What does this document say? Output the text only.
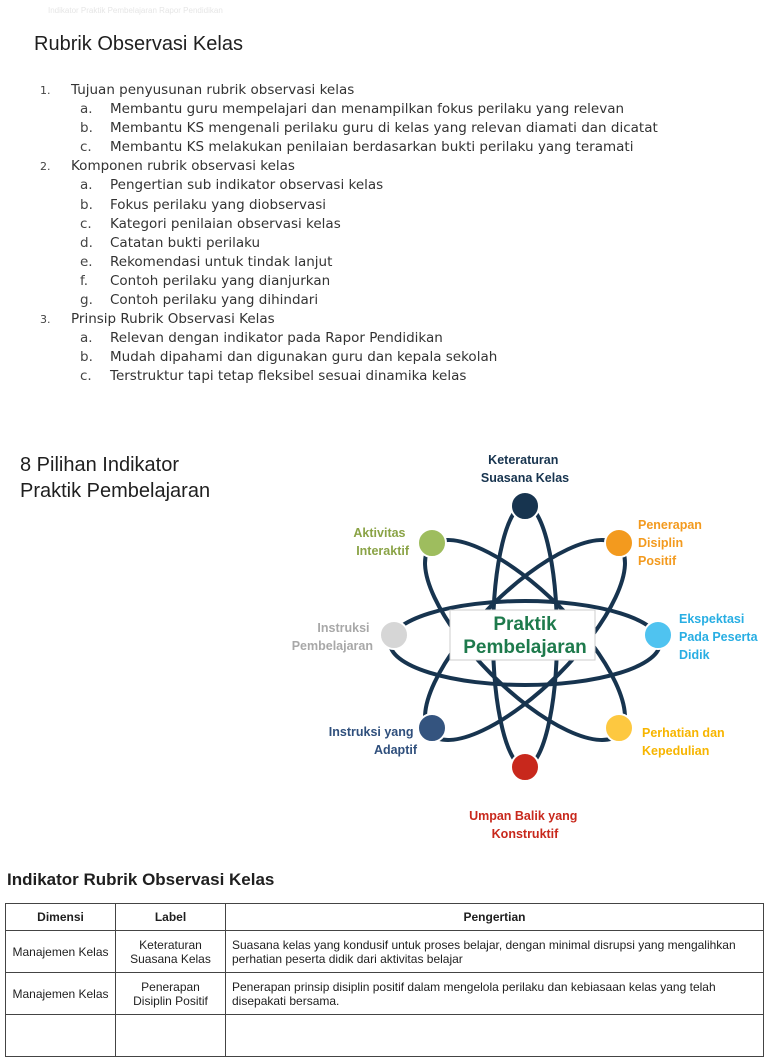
Indikator Praktik Pembelajaran Rapor Pendidikan
Rubrik Observasi Kelas
1. Tujuan penyusunan rubrik observasi kelas
a. Membantu guru mempelajari dan menampilkan fokus perilaku yang relevan
b. Membantu KS mengenali perilaku guru di kelas yang relevan diamati dan dicatat
c. Membantu KS melakukan penilaian berdasarkan bukti perilaku yang teramati
2. Komponen rubrik observasi kelas
a. Pengertian sub indikator observasi kelas
b. Fokus perilaku yang diobservasi
c. Kategori penilaian observasi kelas
d. Catatan bukti perilaku
e. Rekomendasi untuk tindak lanjut
f. Contoh perilaku yang dianjurkan
g. Contoh perilaku yang dihindari
3. Prinsip Rubrik Observasi Kelas
a. Relevan dengan indikator pada Rapor Pendidikan
b. Mudah dipahami dan digunakan guru dan kepala sekolah
c. Terstruktur tapi tetap fleksibel sesuai dinamika kelas
8 Pilihan Indikator
Praktik Pembelajaran
Praktik
Pembelajaran
Keteraturan Suasana Kelas
Penerapan Disiplin Positif
Ekspektasi Pada Peserta Didik
Perhatian dan Kepedulian
Umpan Balik yang Konstruktif
Instruksi yang Adaptif
Instruksi Pembelajaran
Aktivitas Interaktif
Indikator Rubrik Observasi Kelas
Dimensi	Label	Pengertian
Manajemen Kelas	Keteraturan Suasana Kelas	Suasana kelas yang kondusif untuk proses belajar, dengan minimal disrupsi yang mengalihkan perhatian peserta didik dari aktivitas belajar
Manajemen Kelas	Penerapan Disiplin Positif	Penerapan prinsip disiplin positif dalam mengelola perilaku dan kebiasaan kelas yang telah disepakati bersama.
